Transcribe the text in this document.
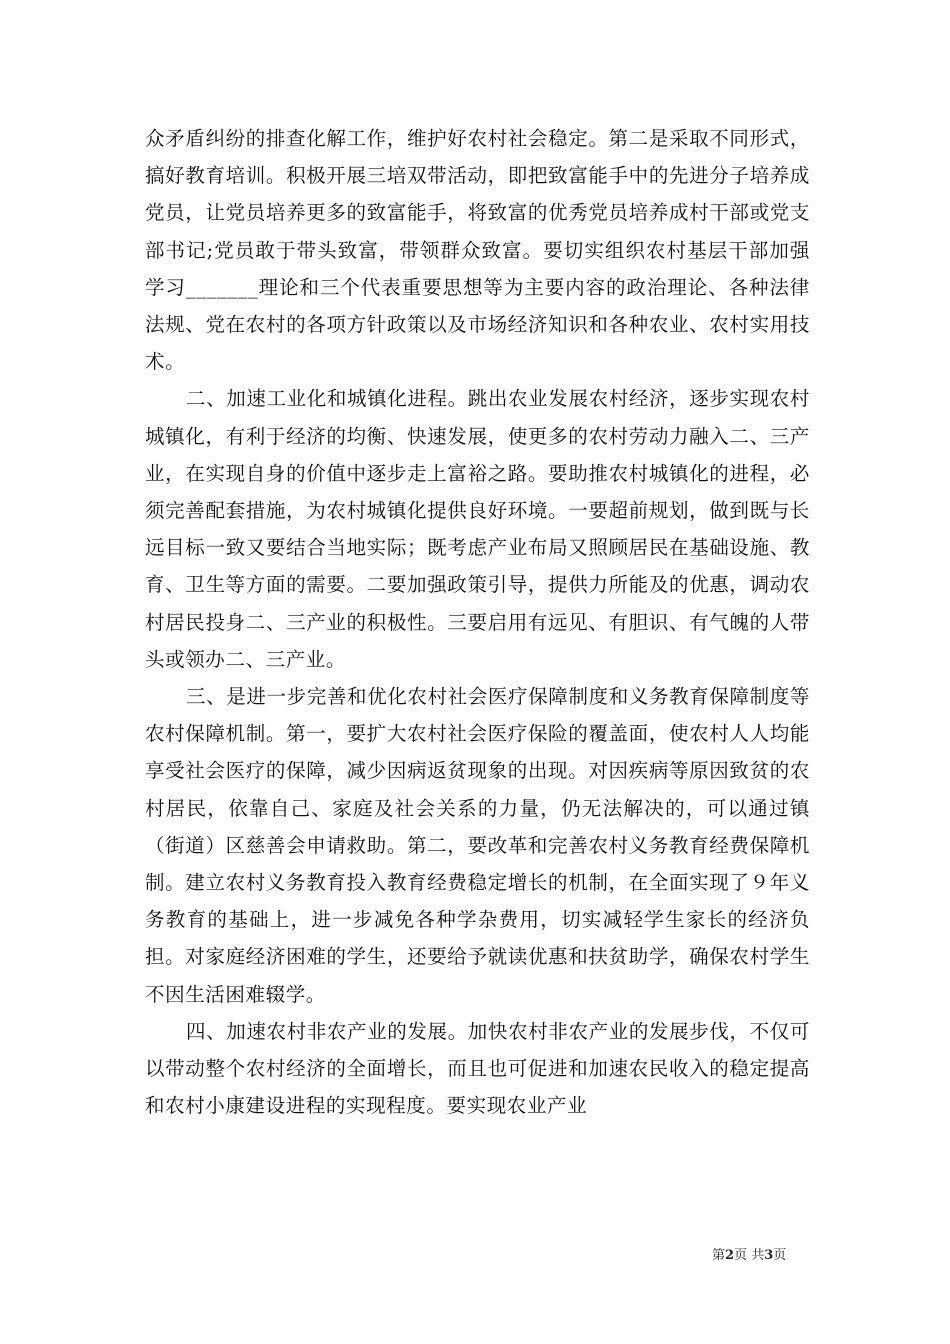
众矛盾纠纷的排查化解工作，维护好农村社会稳定。第二是采取不同形式，搞好教育培训。积极开展三培双带活动，即把致富能手中的先进分子培养成党员，让党员培养更多的致富能手，将致富的优秀党员培养成村干部或党支部书记;党员敢于带头致富，带领群众致富。要切实组织农村基层干部加强学习_______理论和三个代表重要思想等为主要内容的政治理论、各种法律法规、党在农村的各项方针政策以及市场经济知识和各种农业、农村实用技术。

二、加速工业化和城镇化进程。跳出农业发展农村经济，逐步实现农村城镇化，有利于经济的均衡、快速发展，使更多的农村劳动力融入二、三产业，在实现自身的价值中逐步走上富裕之路。要助推农村城镇化的进程，必须完善配套措施，为农村城镇化提供良好环境。一要超前规划，做到既与长远目标一致又要结合当地实际；既考虑产业布局又照顾居民在基础设施、教育、卫生等方面的需要。二要加强政策引导，提供力所能及的优惠，调动农村居民投身二、三产业的积极性。三要启用有远见、有胆识、有气魄的人带头或领办二、三产业。

三、是进一步完善和优化农村社会医疗保障制度和义务教育保障制度等农村保障机制。第一，要扩大农村社会医疗保险的覆盖面，使农村人人均能享受社会医疗的保障，减少因病返贫现象的出现。对因疾病等原因致贫的农村居民，依靠自己、家庭及社会关系的力量，仍无法解决的，可以通过镇（街道）区慈善会申请救助。第二，要改革和完善农村义务教育经费保障机制。建立农村义务教育投入教育经费稳定增长的机制，在全面实现了９年义务教育的基础上，进一步减免各种学杂费用，切实减轻学生家长的经济负担。对家庭经济困难的学生，还要给予就读优惠和扶贫助学，确保农村学生不因生活困难辍学。

四、加速农村非农产业的发展。加快农村非农产业的发展步伐，不仅可以带动整个农村经济的全面增长，而且也可促进和加速农民收入的稳定提高和农村小康建设进程的实现程度。要实现农业产业

第2页 共3页
